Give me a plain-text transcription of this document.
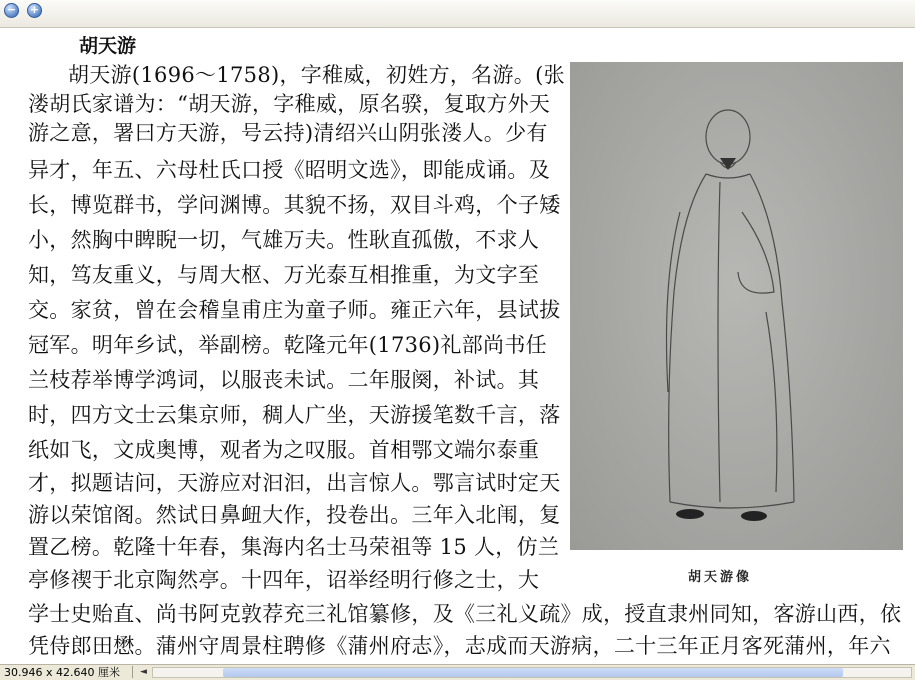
− +
胡天游
胡天游(1696～1758)，字稚威，初姓方，名游。(张
溇胡氏家谱为：“胡天游，字稚威，原名骙，复取方外天
游之意，署曰方天游，号云持)清绍兴山阴张溇人。少有
异才，年五、六母杜氏口授《昭明文选》，即能成诵。及
长，博览群书，学问渊博。其貌不扬，双目斗鸡，个子矮
小，然胸中睥睨一切，气雄万夫。性耿直孤傲，不求人
知，笃友重义，与周大枢、万光泰互相推重，为文字至
交。家贫，曾在会稽皇甫庄为童子师。雍正六年，县试拔
冠军。明年乡试，举副榜。乾隆元年(1736)礼部尚书任
兰枝荐举博学鸿词，以服丧未试。二年服阕，补试。其
时，四方文士云集京师，稠人广坐，天游援笔数千言，落
纸如飞，文成奥博，观者为之叹服。首相鄂文端尔泰重
才，拟题诘问，天游应对汩汩，出言惊人。鄂言试时定天
游以荣馆阁。然试日鼻衄大作，投卷出。三年入北闱，复
置乙榜。乾隆十年春，集海内名士马荣祖等 15 人，仿兰
亭修禊于北京陶然亭。十四年，诏举经明行修之士，大
学士史贻直、尚书阿克敦荐充三礼馆纂修，及《三礼义疏》成，授直隶州同知，客游山西，依
凭侍郎田懋。蒲州守周景柱聘修《蒲州府志》，志成而天游病，二十三年正月客死蒲州，年六
胡天游像
30.946 x 42.640 厘米 ◄
